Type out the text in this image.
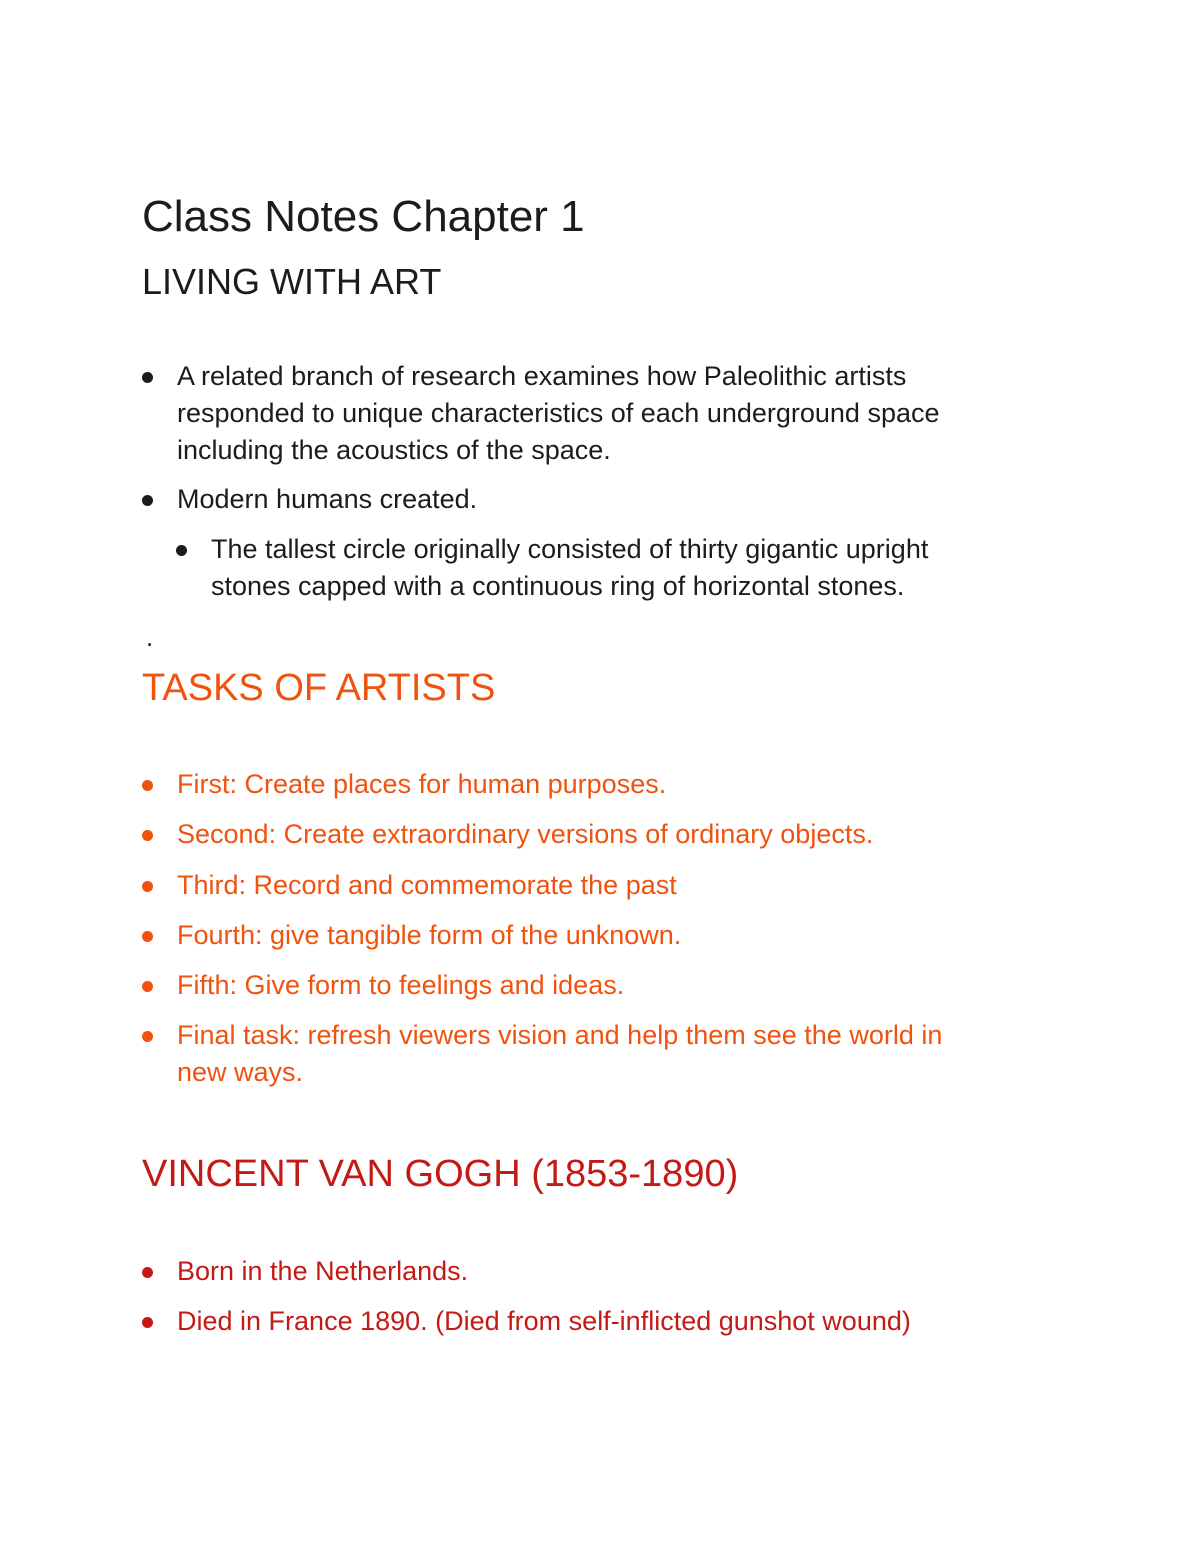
Class Notes Chapter 1
LIVING WITH ART
A related branch of research examines how Paleolithic artists
responded to unique characteristics of each underground space
including the acoustics of the space.
Modern humans created.
The tallest circle originally consisted of thirty gigantic upright
stones capped with a continuous ring of horizontal stones.
.
TASKS OF ARTISTS
First: Create places for human purposes.
Second: Create extraordinary versions of ordinary objects.
Third: Record and commemorate the past
Fourth: give tangible form of the unknown.
Fifth: Give form to feelings and ideas.
Final task: refresh viewers vision and help them see the world in
new ways.
VINCENT VAN GOGH (1853-1890)
Born in the Netherlands.
Died in France 1890. (Died from self-inflicted gunshot wound)
